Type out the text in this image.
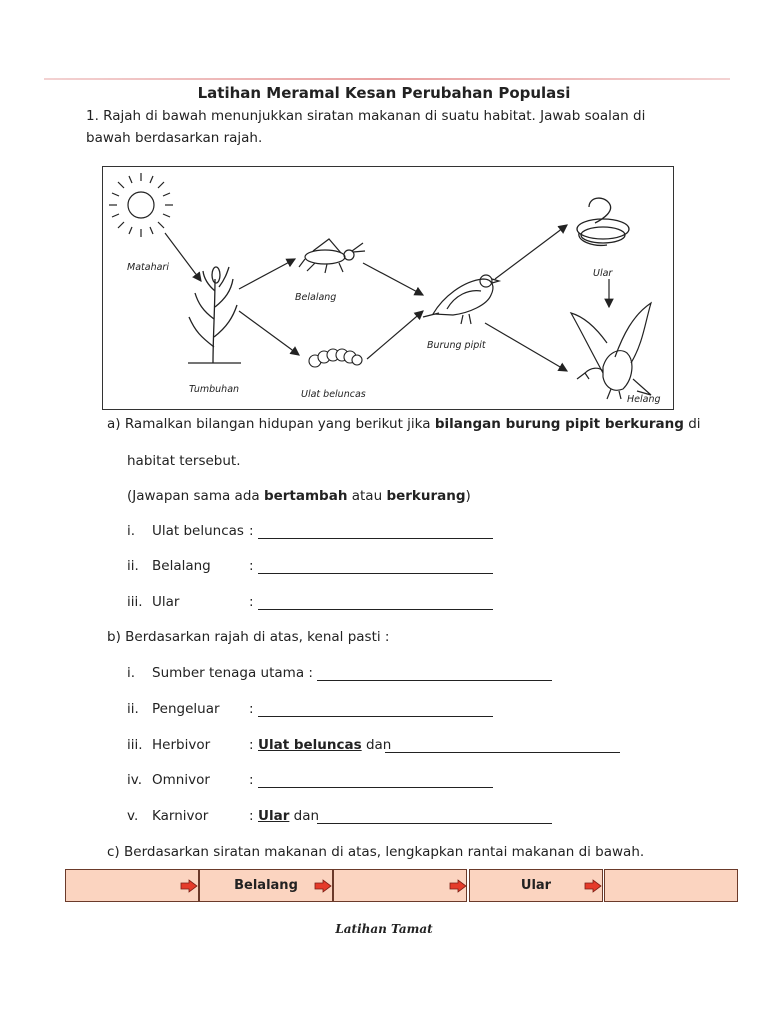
Latihan Meramal Kesan Perubahan Populasi
1. Rajah di bawah menunjukkan siratan makanan di suatu habitat. Jawab soalan di
bawah berdasarkan rajah.
Matahari
Tumbuhan
Belalang
Ulat beluncas
Burung pipit
Ular
Helang
a) Ramalkan bilangan hidupan yang berikut jika bilangan burung pipit berkurang di
habitat tersebut.
(Jawapan sama ada bertambah atau berkurang)
i. Ulat beluncas :
ii. Belalang	:
iii. Ular	:
b) Berdasarkan rajah di atas, kenal pasti :
i. Sumber tenaga utama :
ii. Pengeluar :
iii. Herbivor	: Ulat beluncas dan
iv. Omnivor	:
v. Karnivor	: Ular dan
c) Berdasarkan siratan makanan di atas, lengkapkan rantai makanan di bawah.
Belalang	Ular
Latihan Tamat
